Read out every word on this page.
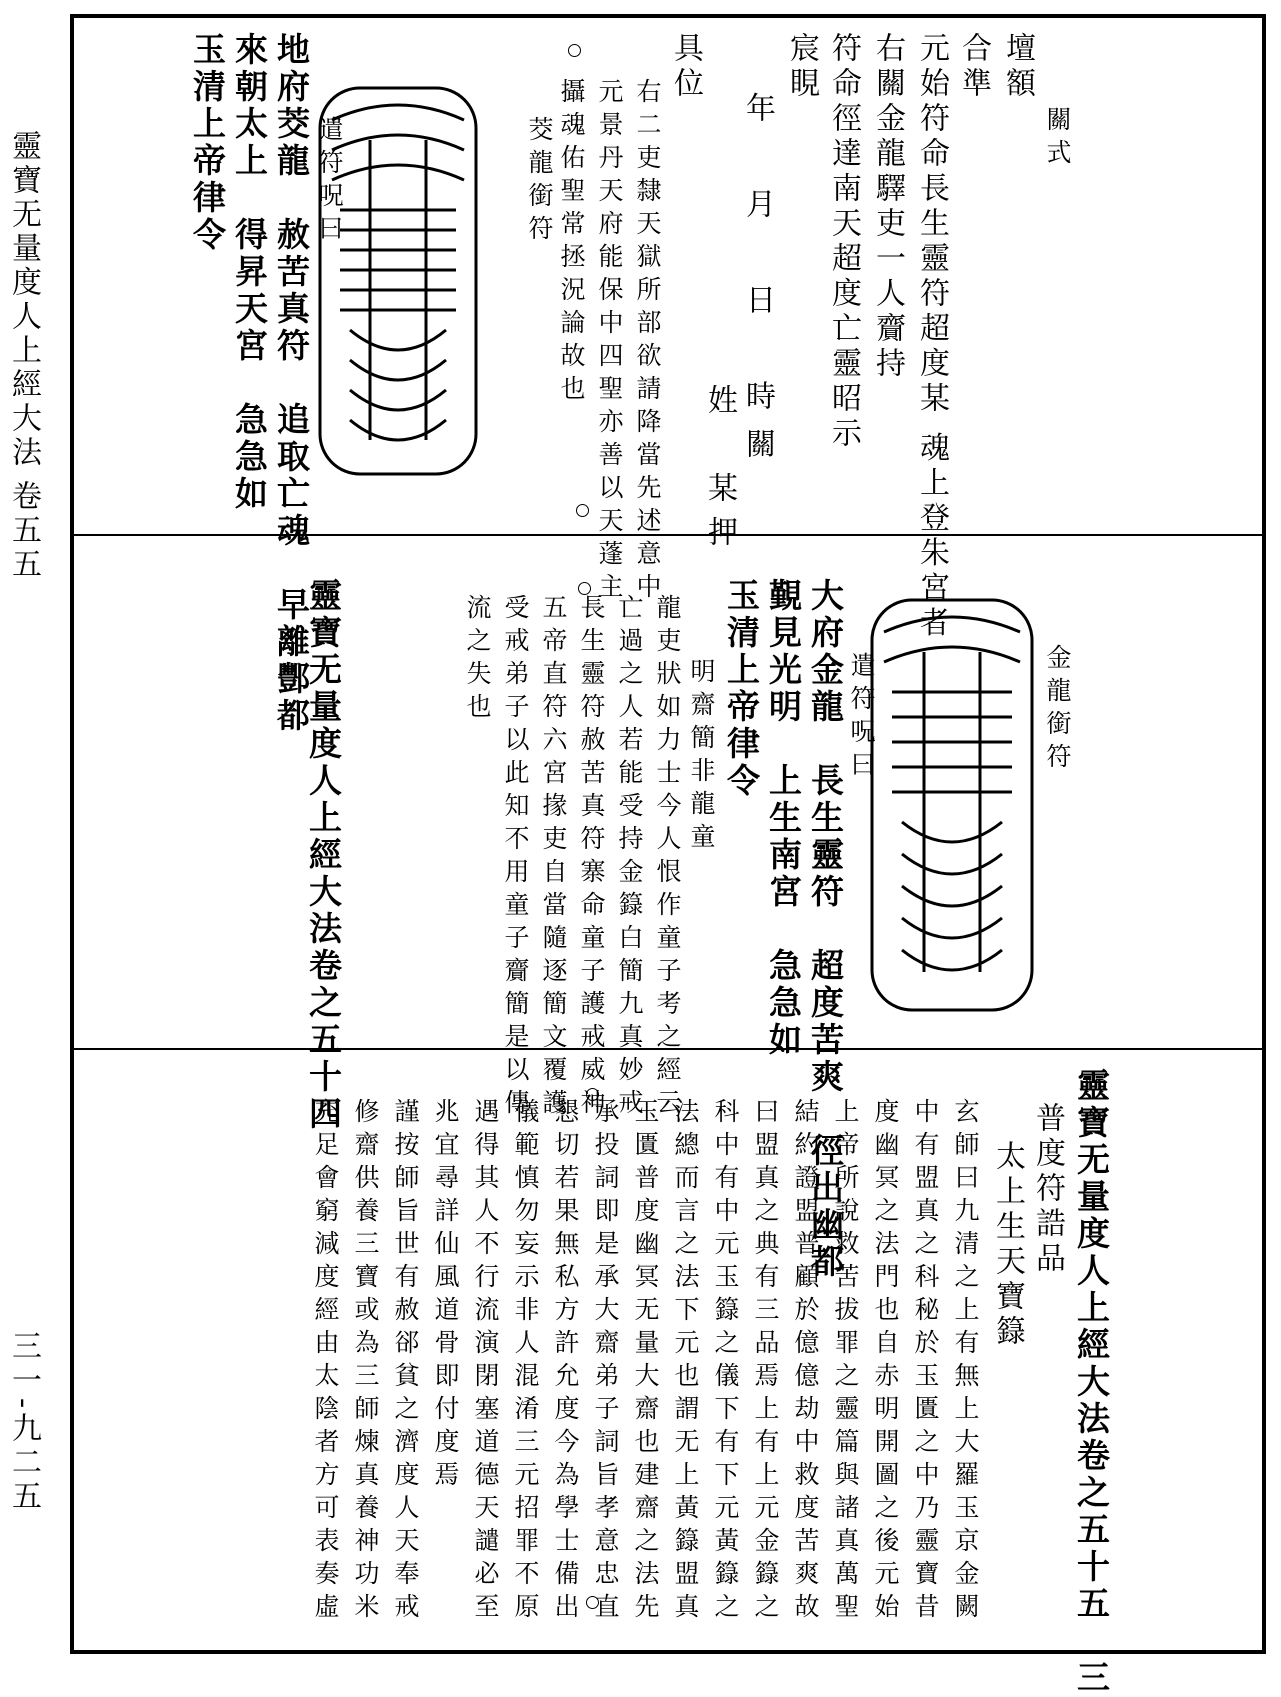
靈寶无量度人上經大法
卷五五
三一-九二五
關式
壇額
合準
元始符命長生靈符超度某 魂上登朱宮者
右關金龍驛吏一人齎持
符命徑達南天超度亡靈昭示
宸睍
年　月　日　時關
姓　某押
具位
右二吏隸天獄所部欲請降當先述意中
元景丹天府能保中四聖亦善以天蓬主
攝魂佑聖常拯況論故也
茭龍銜符
遣符呪曰
地府茭龍　赦苦真符　追取亡魂　早離酆都
來朝太上　得昇天宮　急急如
玉清上帝律令
金龍銜符
遣符呪曰
大府金龍　長生靈符　超度苦爽　徑出幽都
覲見光明　上生南宮　急急如
玉清上帝律令
明齋簡非龍童
龍吏狀如力士今人恨作童子考之經云
亡過之人若能受持金籙白簡九真妙戒
長生靈符赦苦真符寨命童子護戒威神
五帝直符六宮掾吏自當隨逐簡文覆護
受戒弟子以此知不用童子齎簡是以傳
流之失也
靈寶无量度人上經大法卷之五十四
靈寶无量度人上經大法卷之五十五　三
普度符誥品
太上生天寶籙
玄師曰九清之上有無上大羅玉京金闕
中有盟真之科秘於玉匱之中乃靈寶昔
度幽冥之法門也自赤明開圖之後元始
上帝所說救苦拔罪之靈篇與諸真萬聖
結約證盟普顧於億億劫中救度苦爽故
曰盟真之典有三品焉上有上元金籙之
科中有中元玉籙之儀下有下元黃籙之
法總而言之法下元也謂无上黃籙盟真
玉匱普度幽冥无量大齋也建齋之法先
承投詞即是承大齋弟子詞旨孝意忠直
懇切若果無私方許允度今為學士備出
儀範慎勿妄示非人混淆三元招罪不原
遇得其人不行流演閉塞道德天譴必至
兆宜尋詳仙風道骨即付度焉
謹按師旨世有赦郤貧之濟度人天奉戒
修齋供養三寶或為三師煉真養神功米
充足會窮減度經由太陰者方可表奏虛
